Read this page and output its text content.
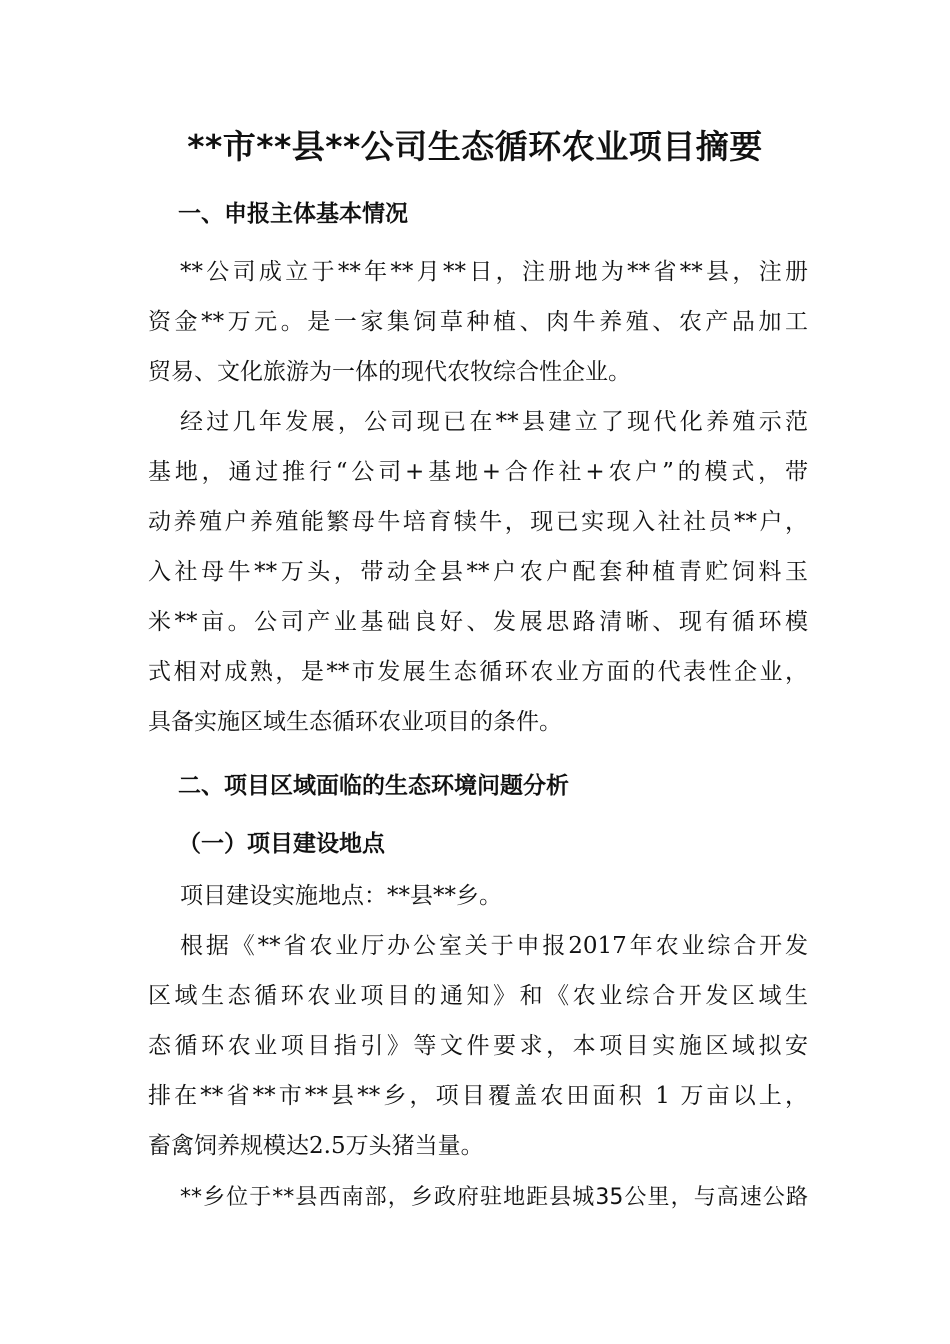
**市**县**公司生态循环农业项目摘要
一、申报主体基本情况

**公司成立于**年**月**日，注册地为**省**县，注册

资金**万元。是一家集饲草种植、肉牛养殖、农产品加工

贸易、文化旅游为一体的现代农牧综合性企业。

经过几年发展，公司现已在**县建立了现代化养殖示范

基地，通过推行“公司+基地+合作社+农户”的模式，带

动养殖户养殖能繁母牛培育犊牛，现已实现入社社员**户，

入社母牛**万头，带动全县**户农户配套种植青贮饲料玉

米**亩。公司产业基础良好、发展思路清晰、现有循环模

式相对成熟，是**市发展生态循环农业方面的代表性企业，

具备实施区域生态循环农业项目的条件。

二、项目区域面临的生态环境问题分析
（一）项目建设地点

项目建设实施地点：**县**乡。

根据《**省农业厅办公室关于申报2017年农业综合开发

区域生态循环农业项目的通知》和《农业综合开发区域生

态循环农业项目指引》等文件要求，本项目实施区域拟安

排在**省**市**县**乡，项目覆盖农田面积 1 万亩以上，

畜禽饲养规模达2.5万头猪当量。

**乡位于**县西南部，乡政府驻地距县城35公里，与高速公路
